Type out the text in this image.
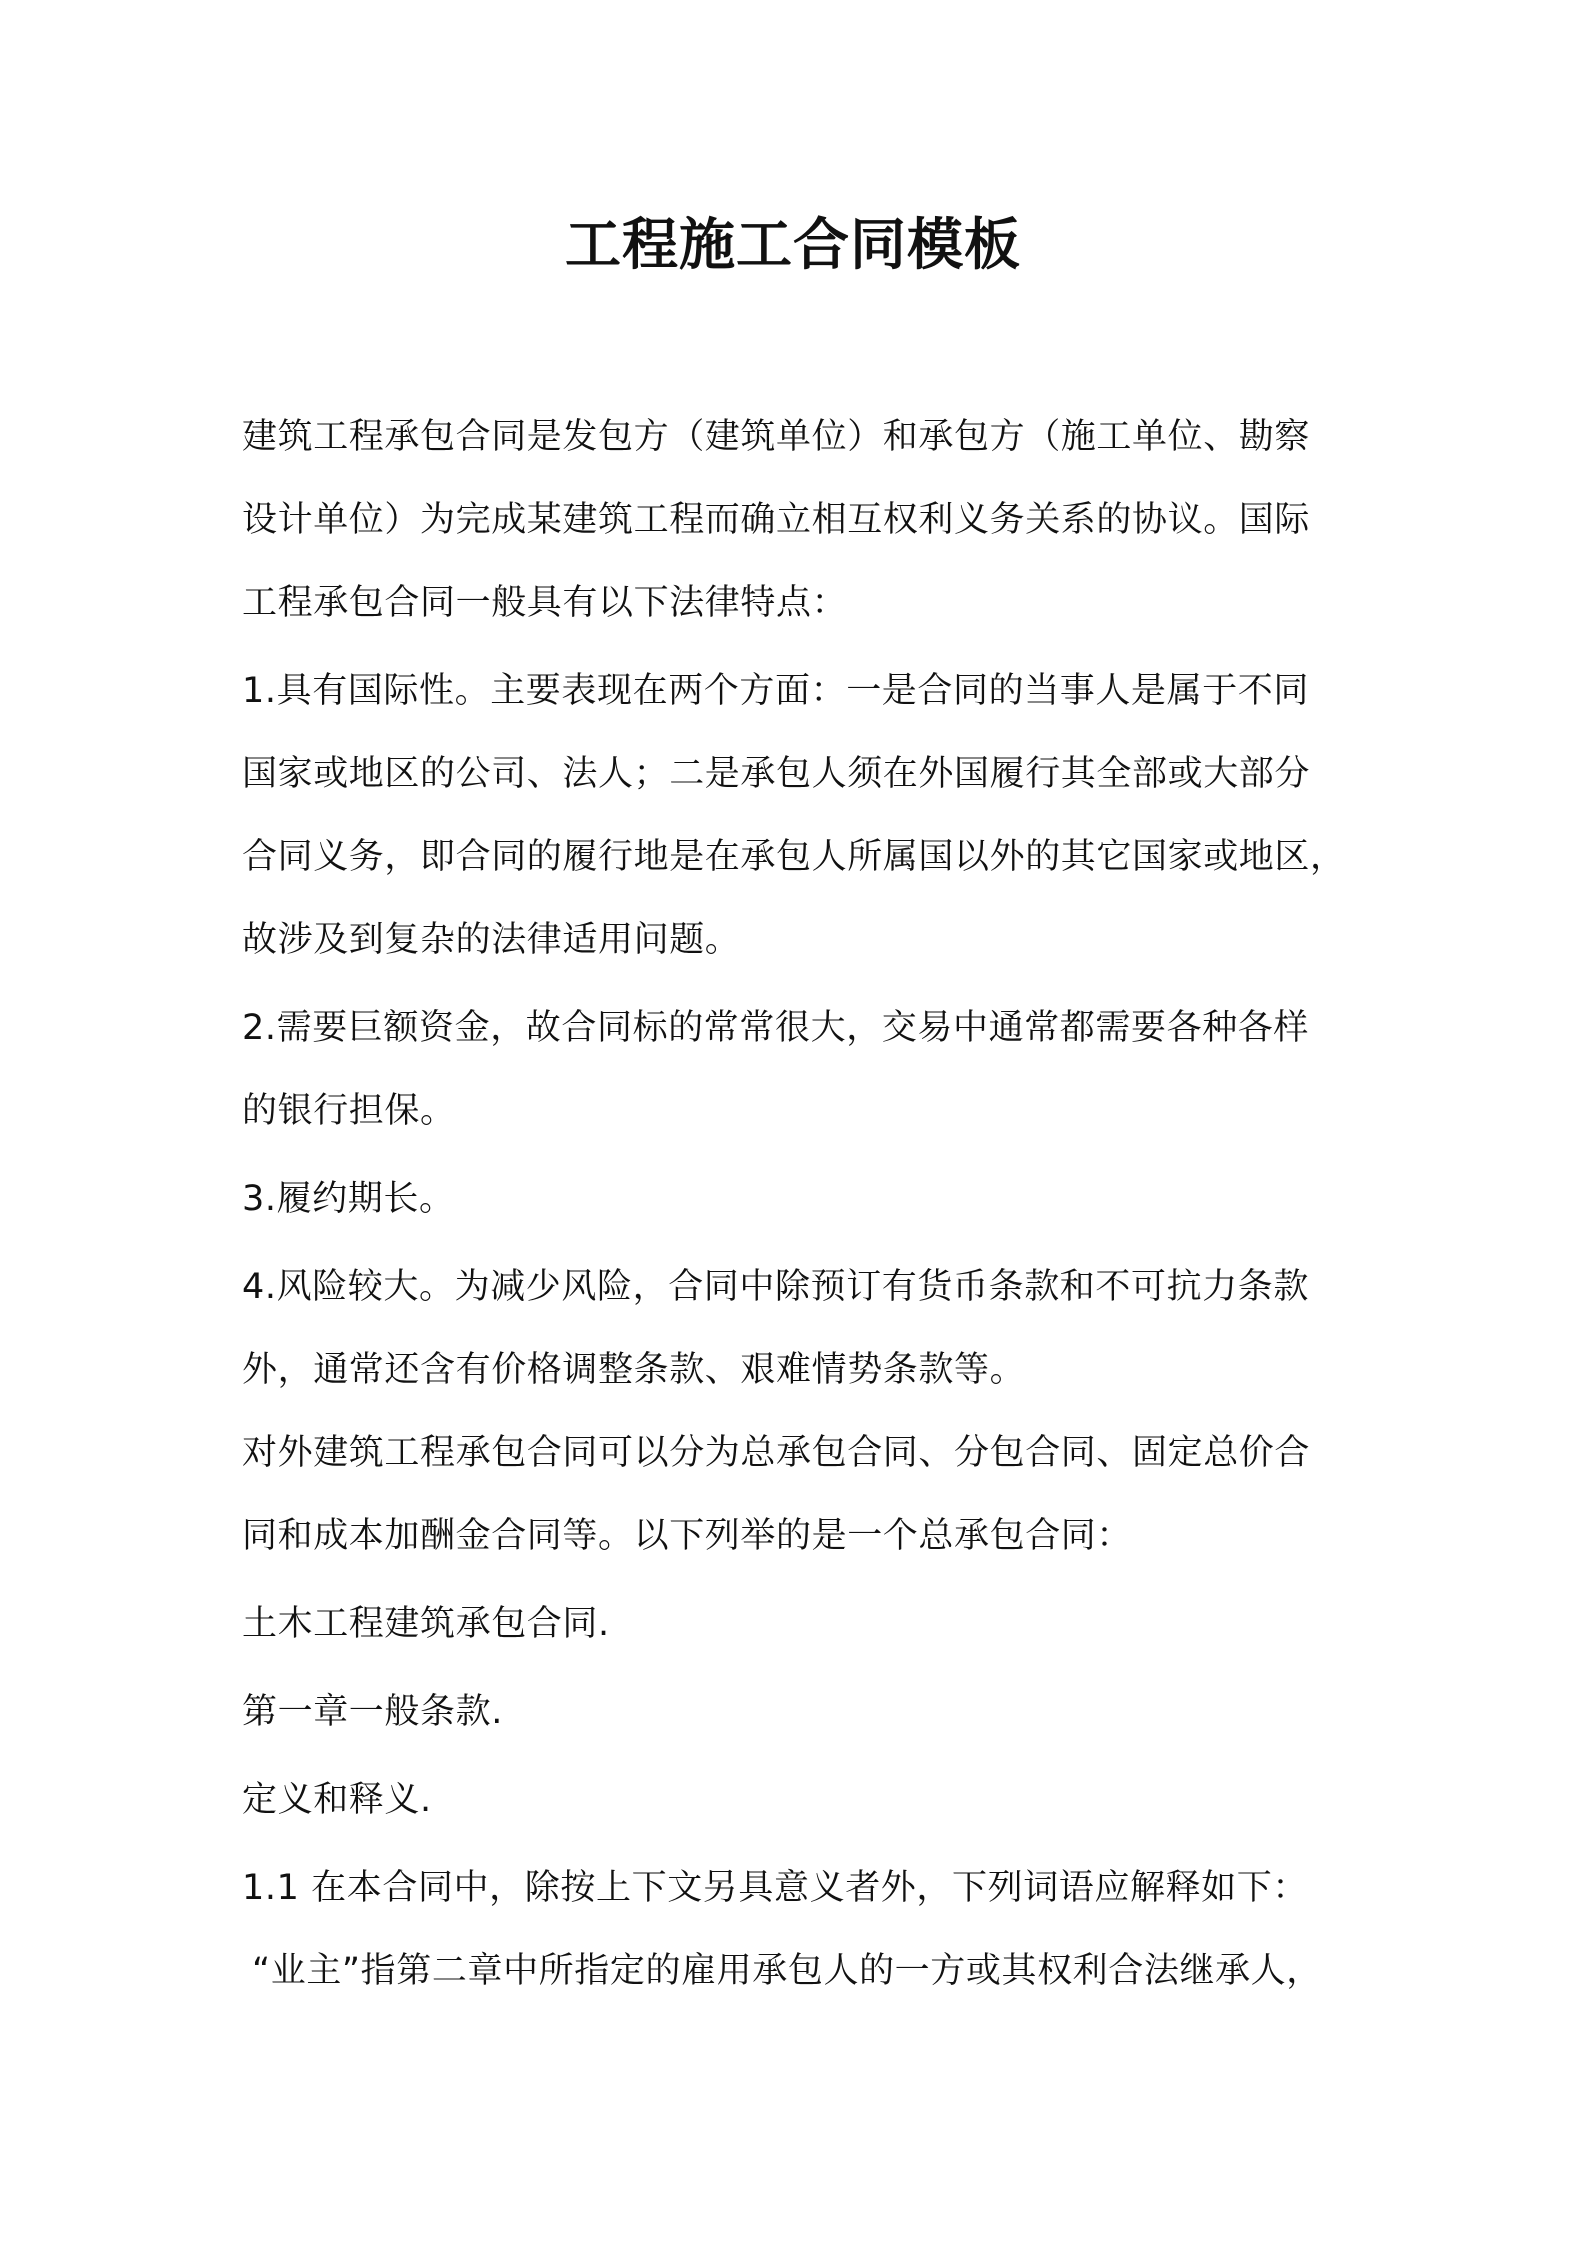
工程施工合同模板

建筑工程承包合同是发包方（建筑单位）和承包方（施工单位、勘察

设计单位）为完成某建筑工程而确立相互权利义务关系的协议。国际

工程承包合同一般具有以下法律特点：

1.具有国际性。主要表现在两个方面：一是合同的当事人是属于不同

国家或地区的公司、法人；二是承包人须在外国履行其全部或大部分

合同义务，即合同的履行地是在承包人所属国以外的其它国家或地区，

故涉及到复杂的法律适用问题。

2.需要巨额资金，故合同标的常常很大，交易中通常都需要各种各样

的银行担保。

3.履约期长。

4.风险较大。为减少风险，合同中除预订有货币条款和不可抗力条款

外，通常还含有价格调整条款、艰难情势条款等。

对外建筑工程承包合同可以分为总承包合同、分包合同、固定总价合

同和成本加酬金合同等。以下列举的是一个总承包合同：

土木工程建筑承包合同.

第一章一般条款.

定义和释义.

1.1 在本合同中，除按上下文另具意义者外，下列词语应解释如下：

“业主”指第二章中所指定的雇用承包人的一方或其权利合法继承人，
